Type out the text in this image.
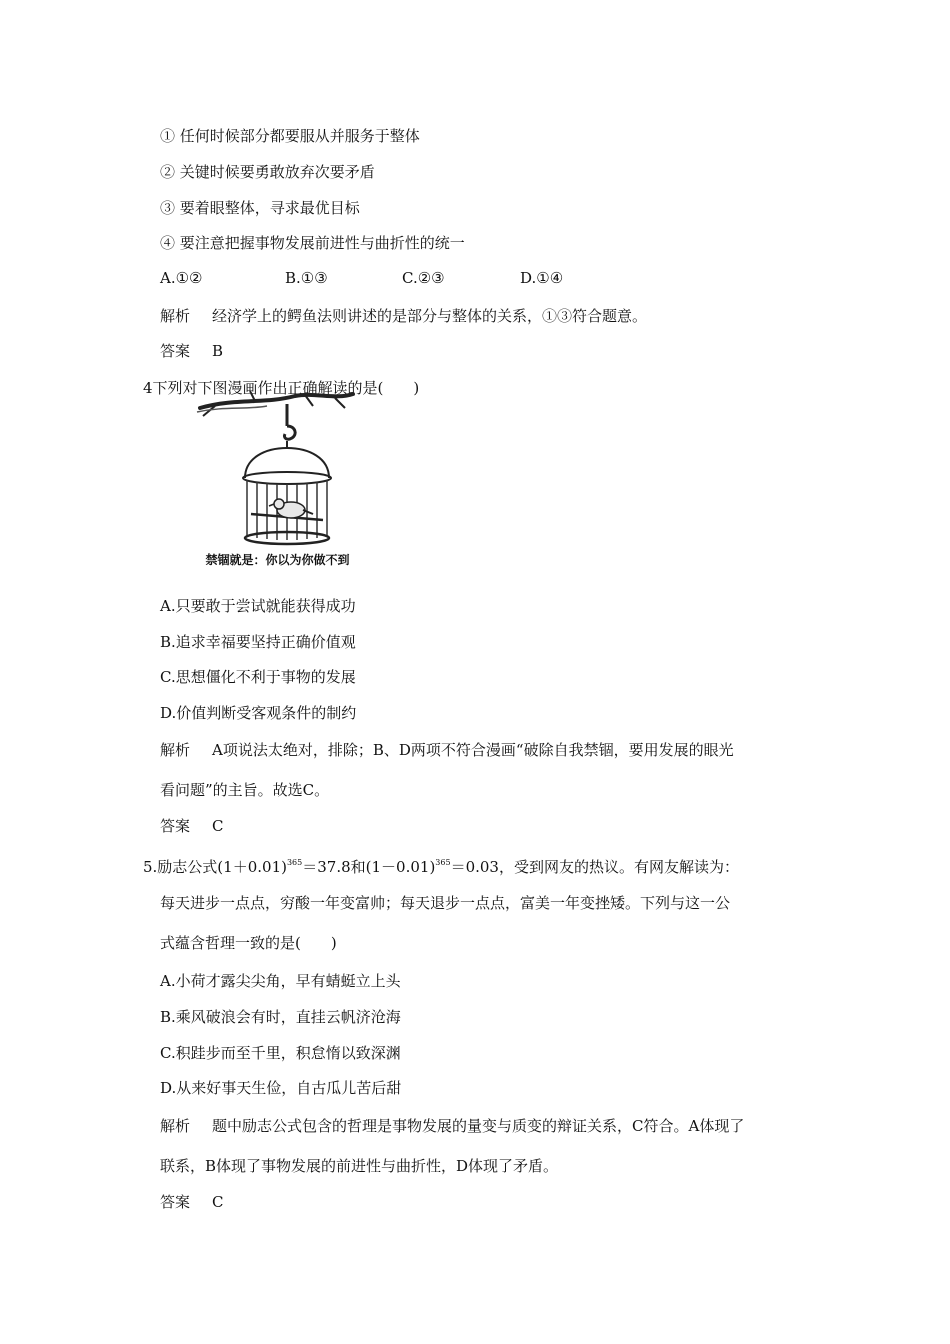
① 任何时候部分都要服从并服务于整体
② 关键时候要勇敢放弃次要矛盾
③ 要着眼整体，寻求最优目标
④ 要注意把握事物发展前进性与曲折性的统一
A.①②	B.①③	C.②③	D.①④
解析 经济学上的鳄鱼法则讲述的是部分与整体的关系，①③符合题意。
答案 B
4下列对下图漫画作出正确解读的是(　　)
禁锢就是：你以为你做不到
A.只要敢于尝试就能获得成功
B.追求幸福要坚持正确价值观
C.思想僵化不利于事物的发展
D.价值判断受客观条件的制约
解析 A项说法太绝对，排除；B、D两项不符合漫画“破除自我禁锢，要用发展的眼光
看问题”的主旨。故选C。
答案 C
5.励志公式$(1+0.01)^{365}=37.8$和$(1-0.01)^{365}=0.03$，受到网友的热议。有网友解读为：
每天进步一点点，穷酸一年变富帅；每天退步一点点，富美一年变挫矮。下列与这一公
式蕴含哲理一致的是(　　)
A.小荷才露尖尖角，早有蜻蜓立上头
B.乘风破浪会有时，直挂云帆济沧海
C.积跬步而至千里，积怠惰以致深渊
D.从来好事天生俭，自古瓜儿苦后甜
解析 题中励志公式包含的哲理是事物发展的量变与质变的辩证关系，C符合。A体现了
联系，B体现了事物发展的前进性与曲折性，D体现了矛盾。
答案 C
